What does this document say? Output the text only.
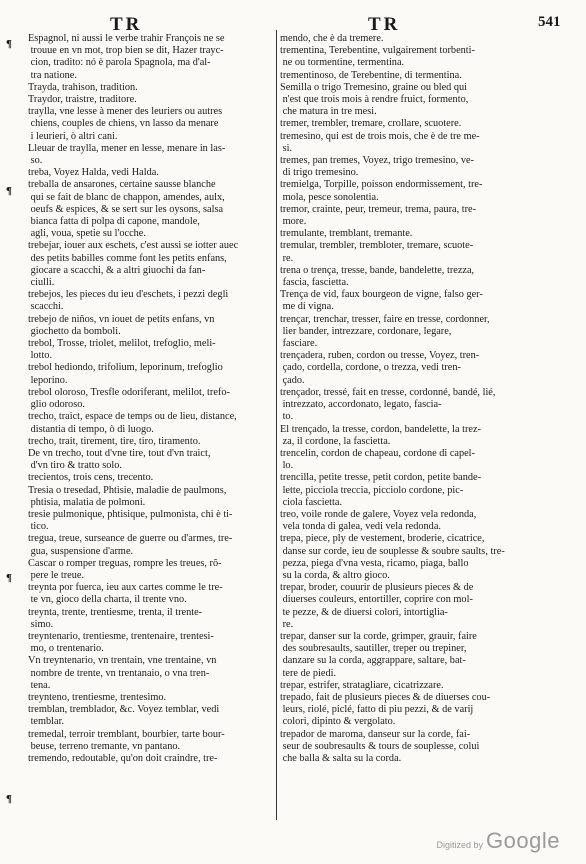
TR	TR	541
¶
¶
¶
¶
Espagnol, ni aussi le verbe trahir François ne se
trouue en vn mot, trop bien se dit, Hazer trayc-
cion, tradito: nó è parola Spagnola, ma d'al-
tra natione.
Trayda, trahison, tradition.
Traydor, traistre, traditore.
traylla, vne lesse à mener des leuriers ou autres
chiens, couples de chiens, vn lasso da menare
i leurieri, ò altri cani.
Lleuar de traylla, mener en lesse, menare in las-
so.
treba, Voyez Halda, vedi Halda.
treballa de ansarones, certaine sausse blanche
qui se fait de blanc de chappon, amendes, aulx,
oeufs & espices, & se sert sur les oysons, salsa
bianca fatta di polpa di capone, mandole,
agli, voua, spetie su l'ocche.
trebejar, iouer aux eschets, c'est aussi se iotter auec
des petits babilles comme font les petits enfans,
giocare a scacchi, & a altri giuochi da fan-
ciulli.
trebejos, les pieces du ieu d'eschets, i pezzi degli
scacchi.
trebejo de niños, vn iouet de petits enfans, vn
giochetto da bomboli.
trebol, Trosse, triolet, melilot, trefoglio, meli-
lotto.
trebol hediondo, trifolium, leporinum, trefoglio
leporino.
trebol oloroso, Tresfle odoriferant, melilot, trefo-
glio odoroso.
trecho, traict, espace de temps ou de lieu, distance,
distantia di tempo, ò di luogo.
trecho, trait, tirement, tire, tiro, tiramento.
De vn trecho, tout d'vne tire, tout d'vn traict,
d'vn tiro & tratto solo.
trecientos, trois cens, trecento.
Tresia o tresedad, Phtisie, maladie de paulmons,
phtisia, malatia de polmoni.
tresie pulmonique, phtisique, pulmonista, chi è ti-
tico.
tregua, treue, surseance de guerre ou d'armes, tre-
gua, suspensione d'arme.
Cascar o romper treguas, rompre les treues, rõ-
pere le treue.
treynta por fuerca, ieu aux cartes comme le tre-
te vn, gioco della charta, il trente vno.
treynta, trente, trentiesme, trenta, il trente-
simo.
treyntenario, trentiesme, trentenaire, trentesi-
mo, o trentenario.
Vn treyntenario, vn trentain, vne trentaine, vn
nombre de trente, vn trentanaio, o vna tren-
tena.
treynteno, trentiesme, trentesimo.
tremblan, tremblador, &c. Voyez temblar, vedi
temblar.
tremedal, terroir tremblant, bourbier, tarte bour-
beuse, terreno tremante, vn pantano.
tremendo, redoutable, qu'on doit craindre, tre-
mendo, che è da tremere.
trementina, Terebentine, vulgairement torbenti-
ne ou tormentine, termentina.
trementinoso, de Terebentine, di termentina.
Semilla o trigo Tremesino, graine ou bled qui
n'est que trois mois à rendre fruict, formento,
che matura in tre mesi.
tremer, trembler, tremare, crollare, scuotere.
tremesino, qui est de trois mois, che è de tre me-
si.
tremes, pan tremes, Voyez, trigo tremesino, ve-
di trigo tremesino.
tremielga, Torpille, poisson endormissement, tre-
mola, pesce sonolentia.
tremor, crainte, peur, tremeur, trema, paura, tre-
more.
tremulante, tremblant, tremante.
tremular, trembler, trembloter, tremare, scuote-
re.
trena o trença, tresse, bande, bandelette, trezza,
fascia, fascietta.
Trença de vid, faux bourgeon de vigne, falso ger-
me di vigna.
trençar, trenchar, tresser, faire en tresse, cordonner,
lier bander, intrezzare, cordonare, legare,
fasciare.
trençadera, ruben, cordon ou tresse, Voyez, tren-
çado, cordella, cordone, o trezza, vedi tren-
çado.
trençador, tressé, fait en tresse, cordonné, bandé, lié,
intrezzato, accordonato, legato, fascia-
to.
El trençado, la tresse, cordon, bandelette, la trez-
za, il cordone, la fascietta.
trencelin, cordon de chapeau, cordone di capel-
lo.
trencilla, petite tresse, petit cordon, petite bande-
lette, picciola treccia, picciolo cordone, pic-
ciola fascietta.
treo, voile ronde de galere, Voyez vela redonda,
vela tonda di galea, vedi vela redonda.
trepa, piece, ply de vestement, broderie, cicatrice,
danse sur corde, ieu de souplesse & soubre saults, tre-
pezza, piega d'vna vesta, ricamo, piaga, ballo
su la corda, & altro gioco.
trepar, broder, couurir de plusieurs pieces & de
diuerses couleurs, entortiller, coprire con mol-
te pezze, & de diuersi colori, intortiglia-
re.
trepar, danser sur la corde, grimper, grauir, faire
des soubresaults, sautiller, treper ou trepiner,
danzare su la corda, aggrappare, saltare, bat-
tere de piedi.
trepar, estrifer, stratagliare, cicatrizzare.
trepado, fait de plusieurs pieces & de diuerses cou-
leurs, riolé, piclé, fatto di piu pezzi, & de varij
colori, dipinto & vergolato.
trepador de maroma, danseur sur la corde, fai-
seur de soubresaults & tours de souplesse, colui
che balla & salta su la corda.
Digitized by Google
